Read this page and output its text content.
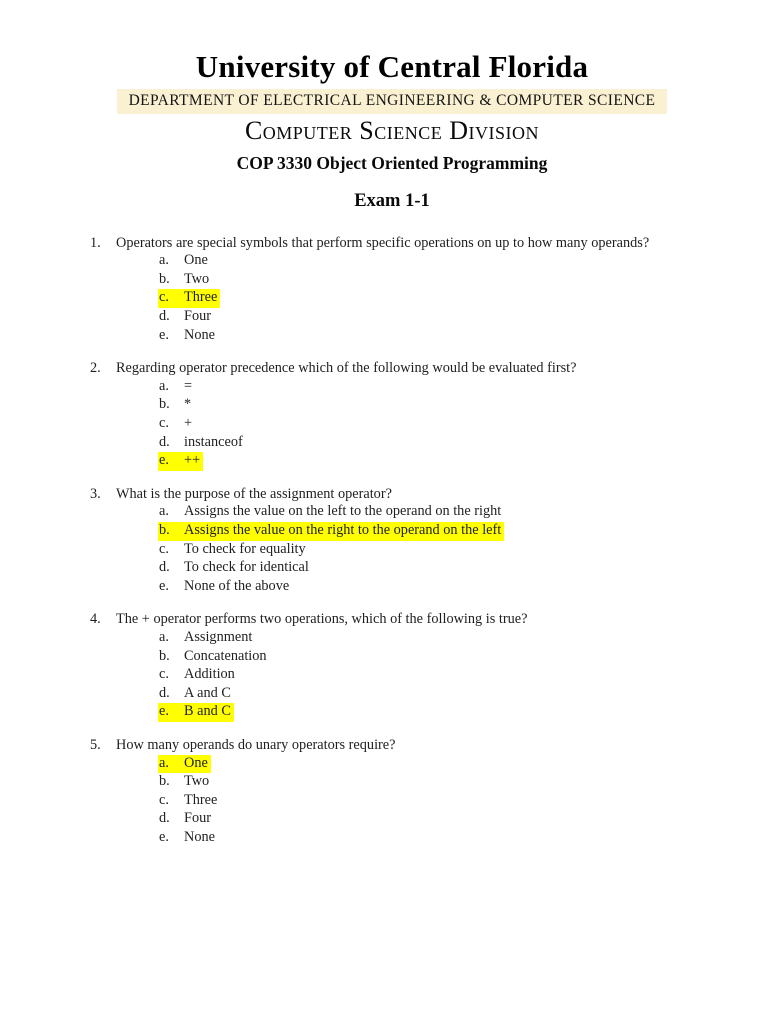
University of Central Florida
DEPARTMENT OF ELECTRICAL ENGINEERING & COMPUTER SCIENCE
Computer Science Division
COP 3330 Object Oriented Programming
Exam 1-1
1.	Operators are special symbols that perform specific operations on up to how many operands?
a. One
b. Two
c. Three
d. Four
e. None
2.	Regarding operator precedence which of the following would be evaluated first?
a. =
b. *
c. +
d. instanceof
e. ++
3.	What is the purpose of the assignment operator?
a. Assigns the value on the left to the operand on the right
b. Assigns the value on the right to the operand on the left
c. To check for equality
d. To check for identical
e. None of the above
4.	The + operator performs two operations, which of the following is true?
a. Assignment
b. Concatenation
c. Addition
d. A and C
e. B and C
5.	How many operands do unary operators require?
a. One
b. Two
c. Three
d. Four
e. None
